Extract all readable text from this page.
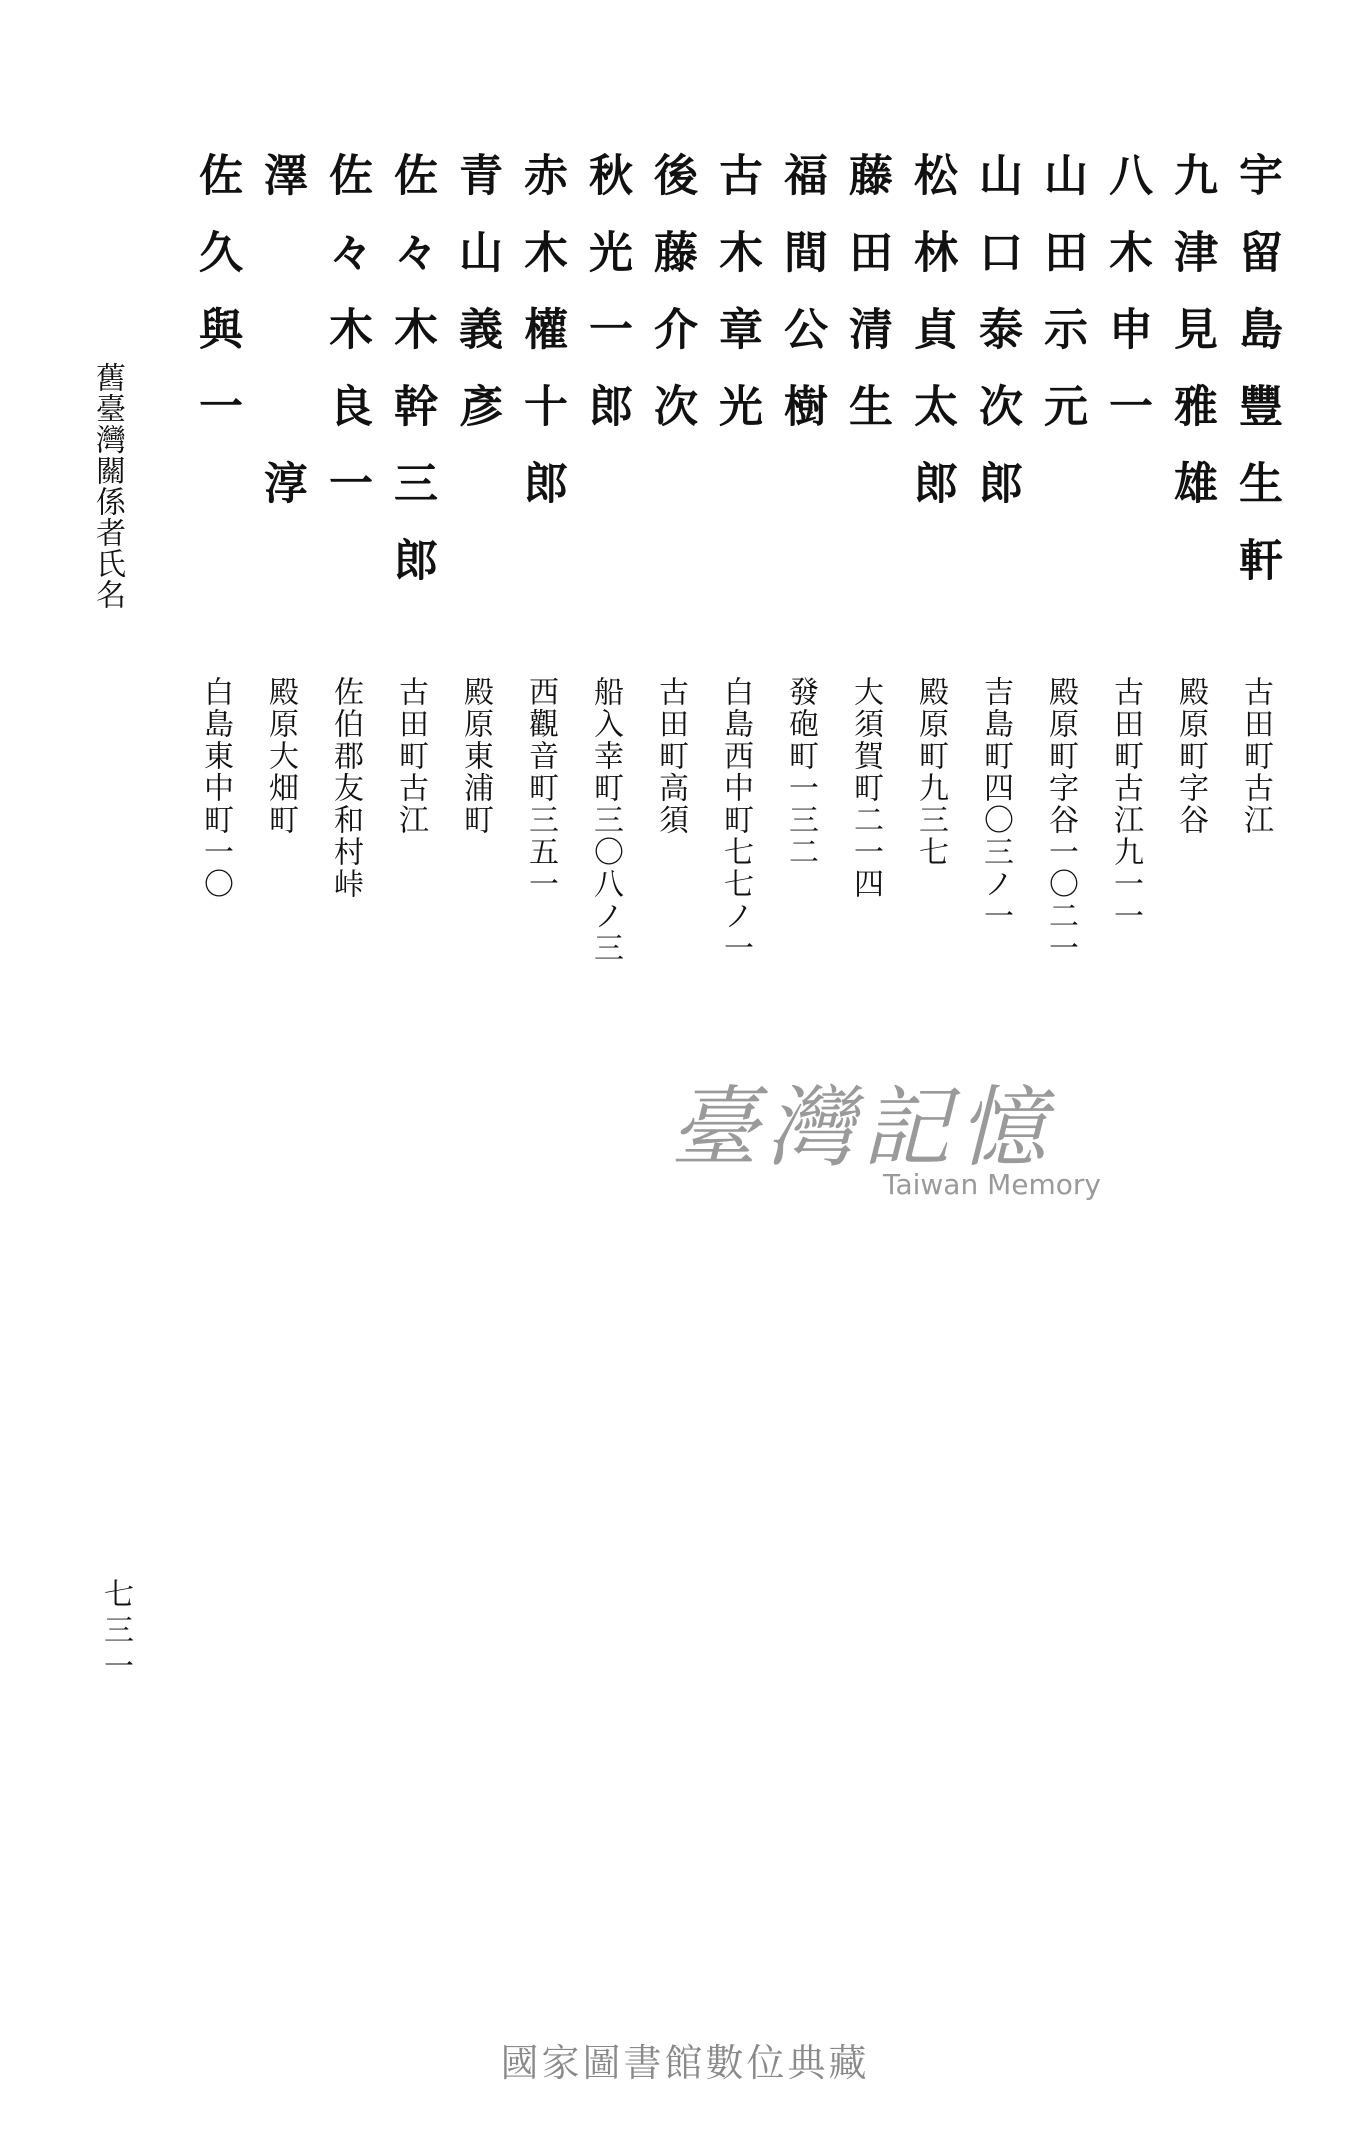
舊臺灣關係者氏名	宇留島豐生軒
古田町古江
九津見雅雄
殿原町字谷
八木申一
古田町古江九一一
山田示元
殿原町字谷一〇二一
山口泰次郎
吉島町四〇三ノ一
松林貞太郎
殿原町九三七
藤田清生
大須賀町二一四
福間公樹
發砲町一三二
古木章光
白島西中町七七ノ一
後藤介次
古田町高須
秋光一郎
船入幸町三〇八ノ三
赤木權十郎
西觀音町三五一
青山義彥
殿原東浦町
佐々木幹三郎
古田町古江
佐々木良一
佐伯郡友和村峠
澤　　　淳
殿原大畑町
佐久與一
白島東中町一〇
七三一
臺灣記憶
Taiwan Memory
國家圖書館數位典藏
